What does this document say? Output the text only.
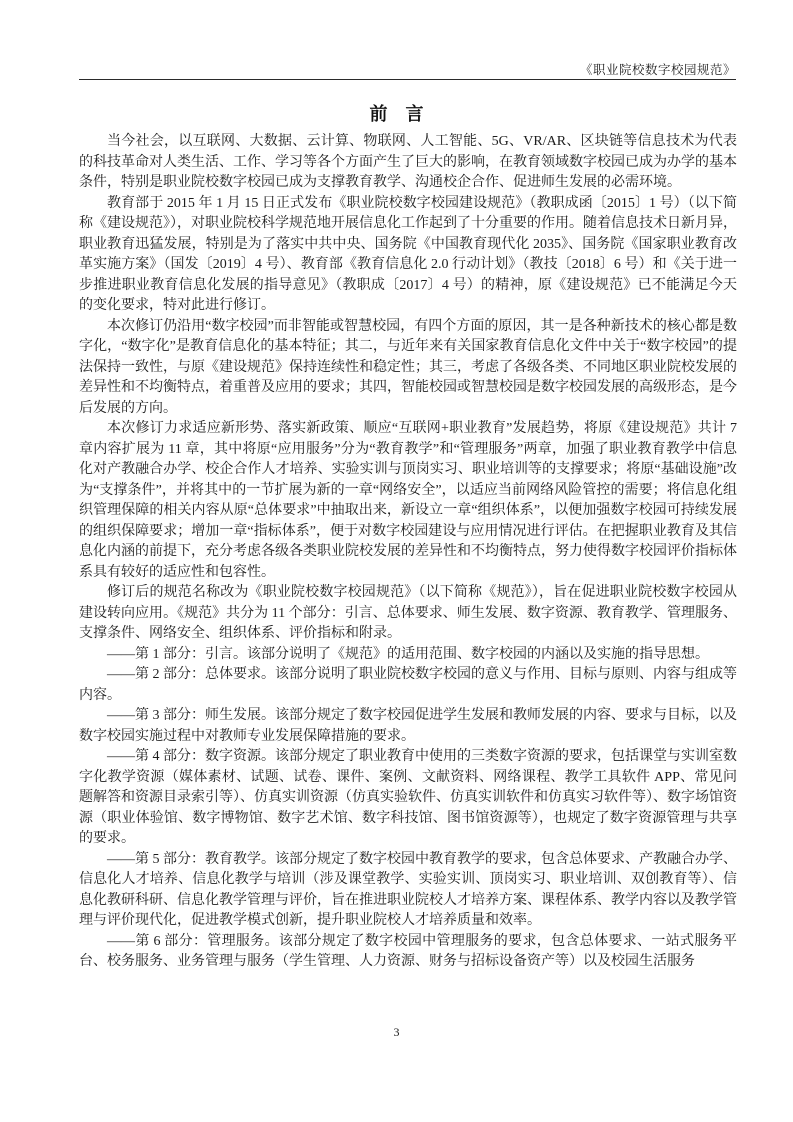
《职业院校数字校园规范》
前　言

当今社会，以互联网、大数据、云计算、物联网、人工智能、5G、VR/AR、区块链等信息技术为代表的科技革命对人类生活、工作、学习等各个方面产生了巨大的影响，在教育领域数字校园已成为办学的基本条件，特别是职业院校数字校园已成为支撑教育教学、沟通校企合作、促进师生发展的必需环境。

教育部于 2015 年 1 月 15 日正式发布《职业院校数字校园建设规范》（教职成函〔2015〕1 号）（以下简称《建设规范》），对职业院校科学规范地开展信息化工作起到了十分重要的作用。随着信息技术日新月异，职业教育迅猛发展，特别是为了落实中共中央、国务院《中国教育现代化 2035》、国务院《国家职业教育改革实施方案》（国发〔2019〕4 号）、教育部《教育信息化 2.0 行动计划》（教技〔2018〕6 号）和《关于进一步推进职业教育信息化发展的指导意见》（教职成〔2017〕4 号）的精神，原《建设规范》已不能满足今天的变化要求，特对此进行修订。

本次修订仍沿用“数字校园”而非智能或智慧校园，有四个方面的原因，其一是各种新技术的核心都是数字化，“数字化”是教育信息化的基本特征；其二，与近年来有关国家教育信息化文件中关于“数字校园”的提法保持一致性，与原《建设规范》保持连续性和稳定性；其三，考虑了各级各类、不同地区职业院校发展的差异性和不均衡特点，着重普及应用的要求；其四，智能校园或智慧校园是数字校园发展的高级形态，是今后发展的方向。

本次修订力求适应新形势、落实新政策、顺应“互联网+职业教育”发展趋势，将原《建设规范》共计 7 章内容扩展为 11 章，其中将原“应用服务”分为“教育教学”和“管理服务”两章，加强了职业教育教学中信息化对产教融合办学、校企合作人才培养、实验实训与顶岗实习、职业培训等的支撑要求；将原“基础设施”改为“支撑条件”，并将其中的一节扩展为新的一章“网络安全”，以适应当前网络风险管控的需要；将信息化组织管理保障的相关内容从原“总体要求”中抽取出来，新设立一章“组织体系”，以便加强数字校园可持续发展的组织保障要求；增加一章“指标体系”，便于对数字校园建设与应用情况进行评估。在把握职业教育及其信息化内涵的前提下，充分考虑各级各类职业院校发展的差异性和不均衡特点，努力使得数字校园评价指标体系具有较好的适应性和包容性。

修订后的规范名称改为《职业院校数字校园规范》（以下简称《规范》），旨在促进职业院校数字校园从建设转向应用。《规范》共分为 11 个部分：引言、总体要求、师生发展、数字资源、教育教学、管理服务、支撑条件、网络安全、组织体系、评价指标和附录。

——第 1 部分：引言。该部分说明了《规范》的适用范围、数字校园的内涵以及实施的指导思想。

——第 2 部分：总体要求。该部分说明了职业院校数字校园的意义与作用、目标与原则、内容与组成等内容。

——第 3 部分：师生发展。该部分规定了数字校园促进学生发展和教师发展的内容、要求与目标，以及数字校园实施过程中对教师专业发展保障措施的要求。

——第 4 部分：数字资源。该部分规定了职业教育中使用的三类数字资源的要求，包括课堂与实训室数字化教学资源（媒体素材、试题、试卷、课件、案例、文献资料、网络课程、教学工具软件 APP、常见问题解答和资源目录索引等）、仿真实训资源（仿真实验软件、仿真实训软件和仿真实习软件等）、数字场馆资源（职业体验馆、数字博物馆、数字艺术馆、数字科技馆、图书馆资源等），也规定了数字资源管理与共享的要求。

——第 5 部分：教育教学。该部分规定了数字校园中教育教学的要求，包含总体要求、产教融合办学、信息化人才培养、信息化教学与培训（涉及课堂教学、实验实训、顶岗实习、职业培训、双创教育等）、信息化教研科研、信息化教学管理与评价，旨在推进职业院校人才培养方案、课程体系、教学内容以及教学管理与评价现代化，促进教学模式创新，提升职业院校人才培养质量和效率。

——第 6 部分：管理服务。该部分规定了数字校园中管理服务的要求，包含总体要求、一站式服务平台、校务服务、业务管理与服务（学生管理、人力资源、财务与招标设备资产等）以及校园生活服务

3
